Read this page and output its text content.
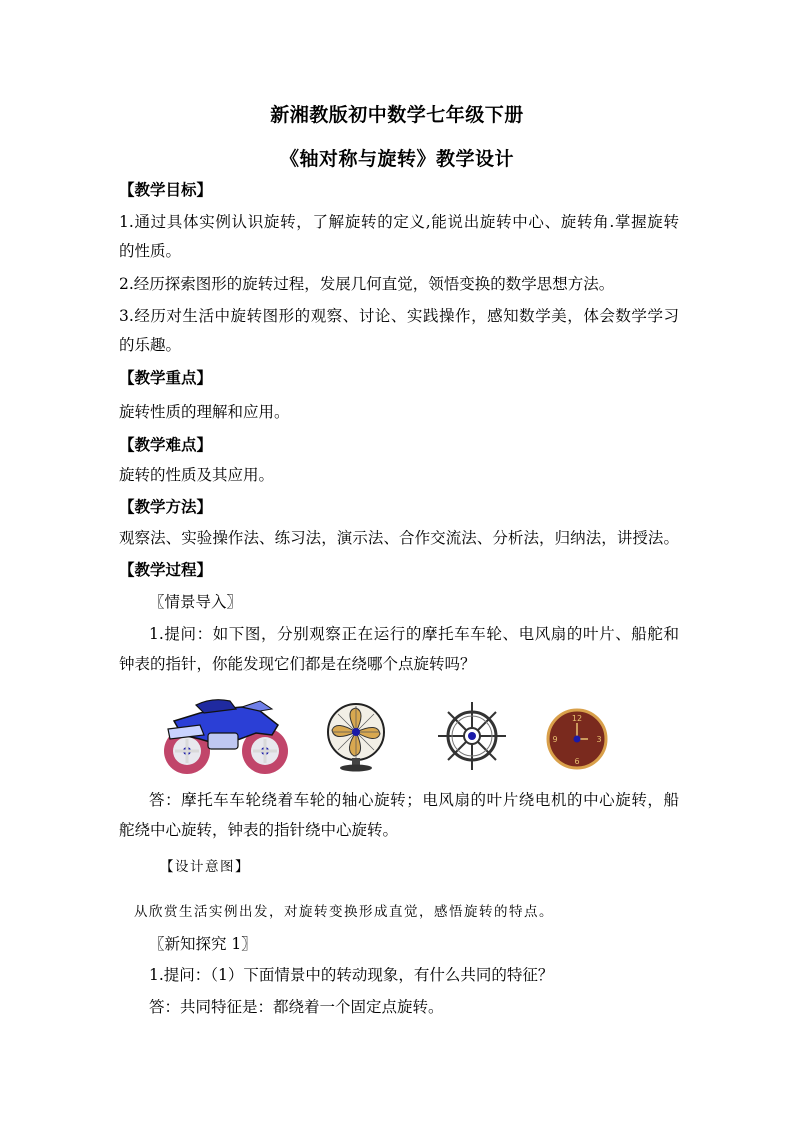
新湘教版初中数学七年级下册
《轴对称与旋转》教学设计
【教学目标】
1.通过具体实例认识旋转，了解旋转的定义,能说出旋转中心、旋转角.掌握旋转
的性质。
2.经历探索图形的旋转过程，发展几何直觉，领悟变换的数学思想方法。
3.经历对生活中旋转图形的观察、讨论、实践操作，感知数学美，体会数学学习
的乐趣。
【教学重点】
旋转性质的理解和应用。
【教学难点】
旋转的性质及其应用。
【教学方法】
观察法、实验操作法、练习法，演示法、合作交流法、分析法，归纳法，讲授法。
【教学过程】
〖情景导入〗
1.提问：如下图，分别观察正在运行的摩托车车轮、电风扇的叶片、船舵和
钟表的指针，你能发现它们都是在绕哪个点旋转吗？
12
3
6
9
答：摩托车车轮绕着车轮的轴心旋转；电风扇的叶片绕电机的中心旋转，船
舵绕中心旋转，钟表的指针绕中心旋转。
【设计意图】
从欣赏生活实例出发，对旋转变换形成直觉，感悟旋转的特点。
〖新知探究 1〗
1.提问：（1）下面情景中的转动现象，有什么共同的特征？
答：共同特征是：都绕着一个固定点旋转。
